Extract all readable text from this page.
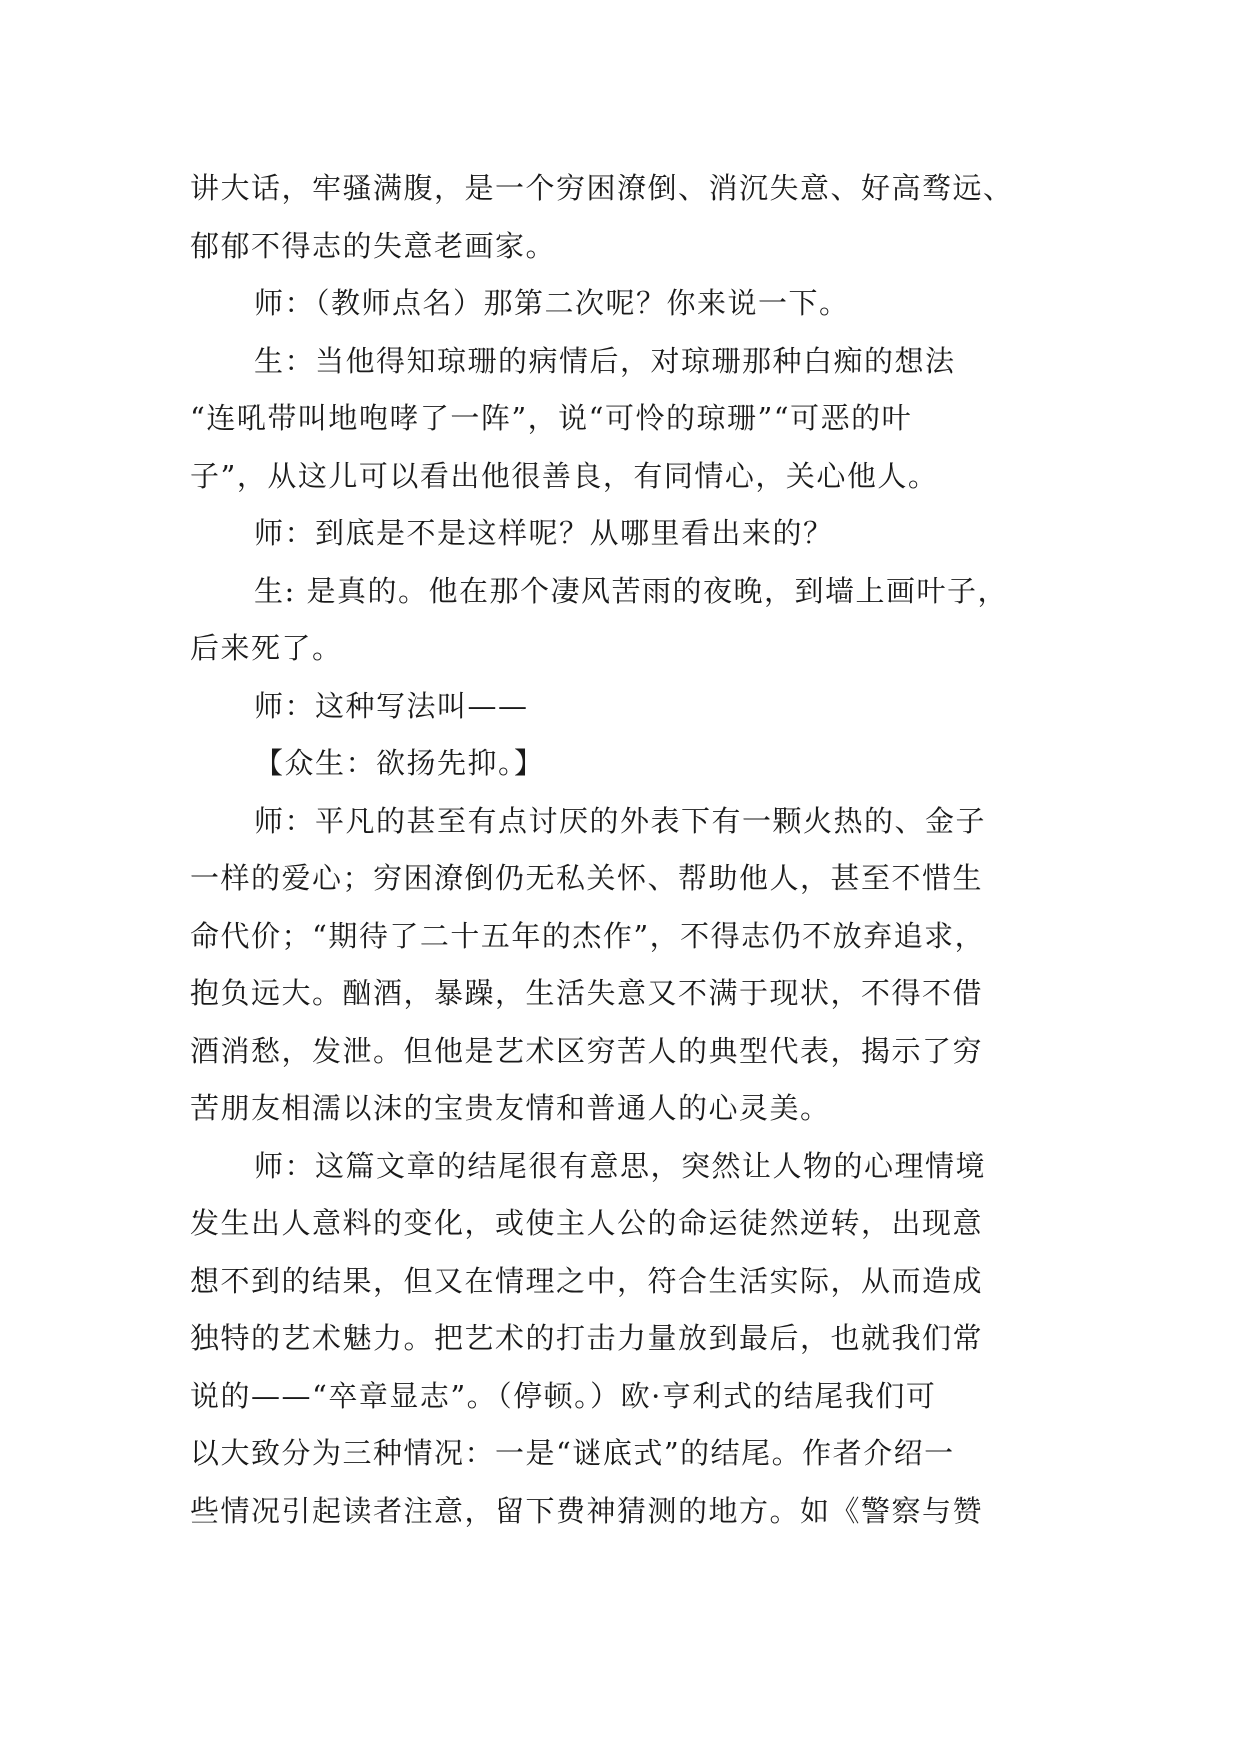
讲大话，牢骚满腹，是一个穷困潦倒、消沉失意、好高骛远、
郁郁不得志的失意老画家。
师：（教师点名）那第二次呢？你来说一下。
生：当他得知琼珊的病情后，对琼珊那种白痴的想法
“连吼带叫地咆哮了一阵”，说“可怜的琼珊”“可恶的叶
子”，从这儿可以看出他很善良，有同情心，关心他人。
师：到底是不是这样呢？从哪里看出来的？
生: 是真的。他在那个凄风苦雨的夜晚，到墙上画叶子，
后来死了。
师：这种写法叫——
【众生：欲扬先抑。】
师：平凡的甚至有点讨厌的外表下有一颗火热的、金子
一样的爱心；穷困潦倒仍无私关怀、帮助他人，甚至不惜生
命代价；“期待了二十五年的杰作”，不得志仍不放弃追求，
抱负远大。酗酒，暴躁，生活失意又不满于现状，不得不借
酒消愁，发泄。但他是艺术区穷苦人的典型代表，揭示了穷
苦朋友相濡以沫的宝贵友情和普通人的心灵美。
师：这篇文章的结尾很有意思，突然让人物的心理情境
发生出人意料的变化，或使主人公的命运徒然逆转，出现意
想不到的结果，但又在情理之中，符合生活实际，从而造成
独特的艺术魅力。把艺术的打击力量放到最后，也就我们常
说的——“卒章显志”。（停顿。）欧·亨利式的结尾我们可
以大致分为三种情况：一是“谜底式”的结尾。作者介绍一
些情况引起读者注意，留下费神猜测的地方。如《警察与赞
